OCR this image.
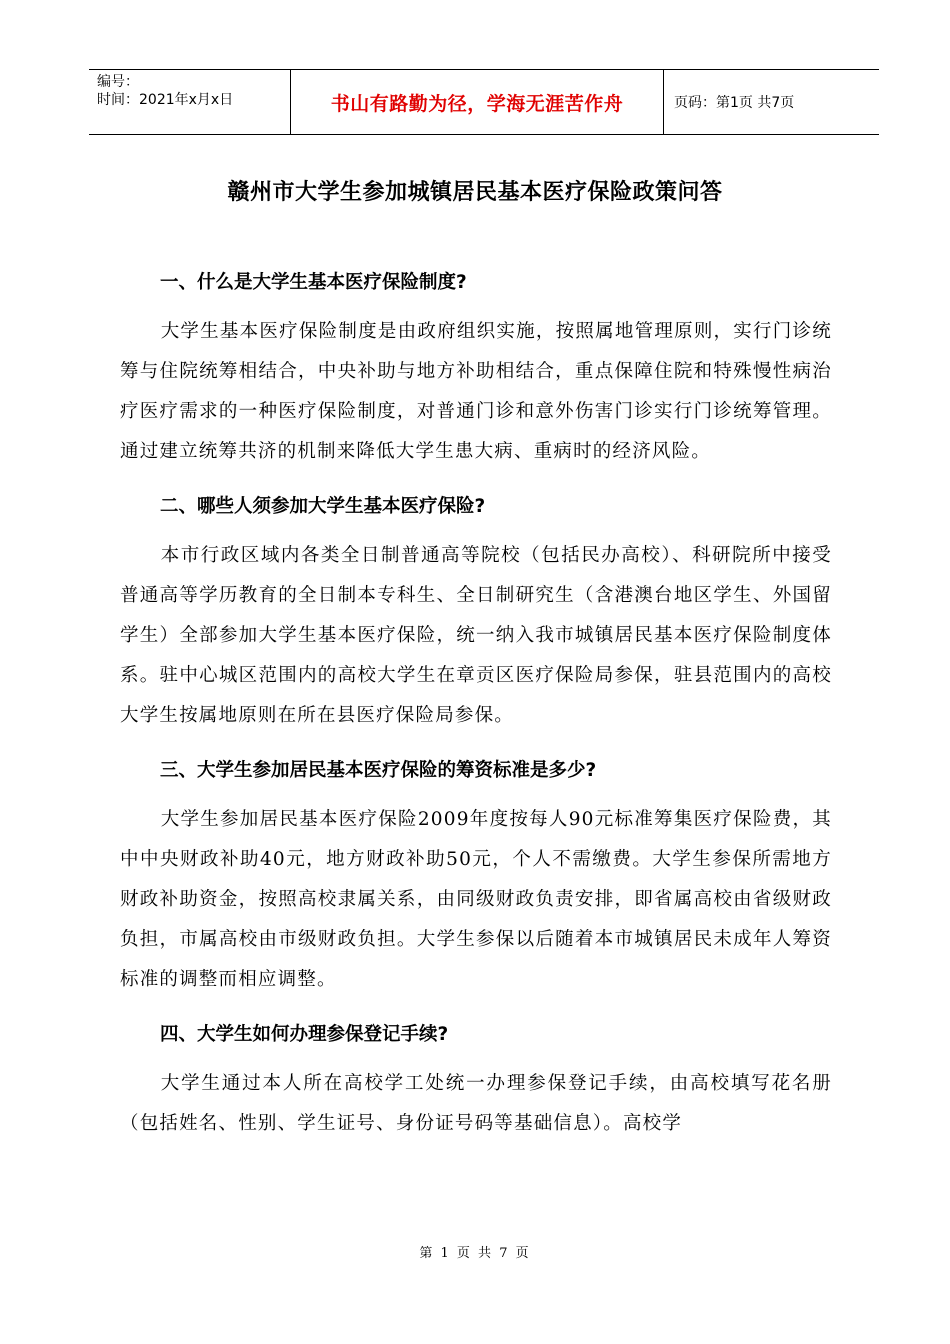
编号：
时间：2021年x月x日	书山有路勤为径，学海无涯苦作舟	页码：第1页 共7页
赣州市大学生参加城镇居民基本医疗保险政策问答

一、什么是大学生基本医疗保险制度?

大学生基本医疗保险制度是由政府组织实施，按照属地管理原则，实行门诊统筹与住院统筹相结合，中央补助与地方补助相结合，重点保障住院和特殊慢性病治疗医疗需求的一种医疗保险制度，对普通门诊和意外伤害门诊实行门诊统筹管理。通过建立统筹共济的机制来降低大学生患大病、重病时的经济风险。

二、哪些人须参加大学生基本医疗保险?

本市行政区域内各类全日制普通高等院校（包括民办高校）、科研院所中接受普通高等学历教育的全日制本专科生、全日制研究生（含港澳台地区学生、外国留学生）全部参加大学生基本医疗保险，统一纳入我市城镇居民基本医疗保险制度体系。驻中心城区范围内的高校大学生在章贡区医疗保险局参保，驻县范围内的高校大学生按属地原则在所在县医疗保险局参保。

三、大学生参加居民基本医疗保险的筹资标准是多少?

大学生参加居民基本医疗保险2009年度按每人90元标准筹集医疗保险费，其中中央财政补助40元，地方财政补助50元，个人不需缴费。大学生参保所需地方财政补助资金，按照高校隶属关系，由同级财政负责安排，即省属高校由省级财政负担，市属高校由市级财政负担。大学生参保以后随着本市城镇居民未成年人筹资标准的调整而相应调整。

四、大学生如何办理参保登记手续?

大学生通过本人所在高校学工处统一办理参保登记手续，由高校填写花名册（包括姓名、性别、学生证号、身份证号码等基础信息）。高校学

第 1 页 共 7 页
